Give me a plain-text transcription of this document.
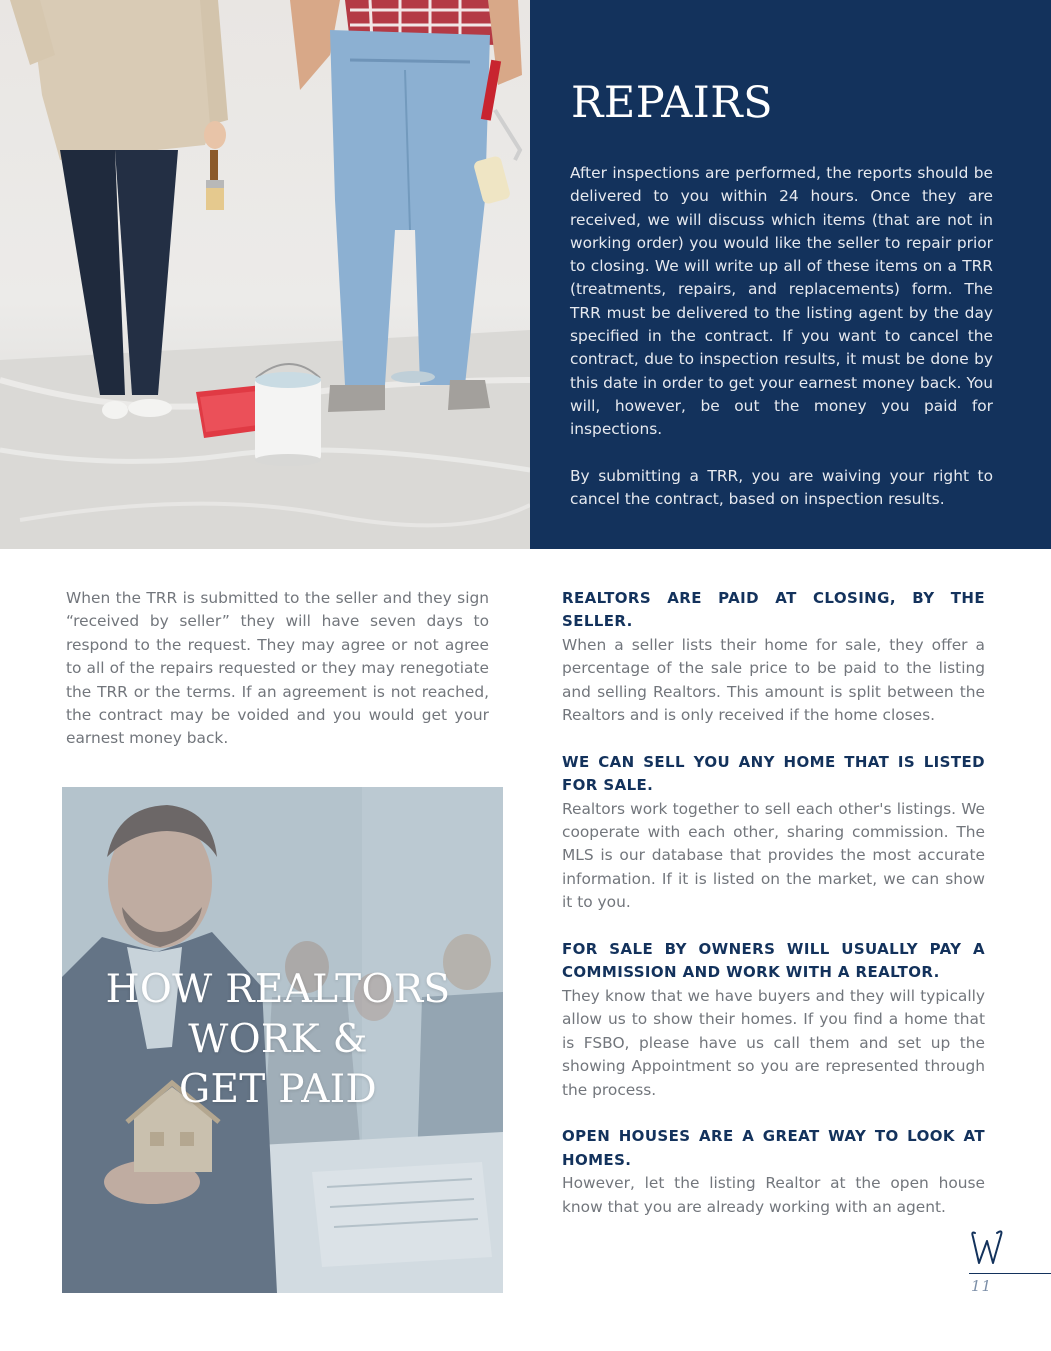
REPAIRS

After inspections are performed, the reports should be delivered to you within 24 hours. Once they are received, we will discuss which items (that are not in working order) you would like the seller to repair prior to closing. We will write up all of these items on a TRR (treatments, repairs, and replacements) form. The TRR must be delivered to the listing agent by the day specified in the contract. If you want to cancel the contract, due to inspection results, it must be done by this date in order to get your earnest money back. You will, however, be out the money you paid for inspections.

By submitting a TRR, you are waiving your right to cancel the contract, based on inspection results.

When the TRR is submitted to the seller and they sign “received by seller” they will have seven days to respond to the request. They may agree or not agree to all of the repairs requested or they may renegotiate the TRR or the terms. If an agreement is not reached, the contract may be voided and you would get your earnest money back.

HOW REALTORS
WORK &
GET PAID

REALTORS ARE PAID AT CLOSING, BY THE SELLER.

When a seller lists their home for sale, they offer a percentage of the sale price to be paid to the listing and selling Realtors. This amount is split between the Realtors and is only received if the home closes.

WE CAN SELL YOU ANY HOME THAT IS LISTED FOR SALE.

Realtors work together to sell each other's listings. We cooperate with each other, sharing commission. The MLS is our database that provides the most accurate information. If it is listed on the market, we can show it to you.

FOR SALE BY OWNERS WILL USUALLY PAY A COMMISSION AND WORK WITH A REALTOR.

They know that we have buyers and they will typically allow us to show their homes. If you find a home that is FSBO, please have us call them and set up the showing Appointment so you are represented through the process.

OPEN HOUSES ARE A GREAT WAY TO LOOK AT HOMES.

However, let the listing Realtor at the open house know that you are already working with an agent.

11
